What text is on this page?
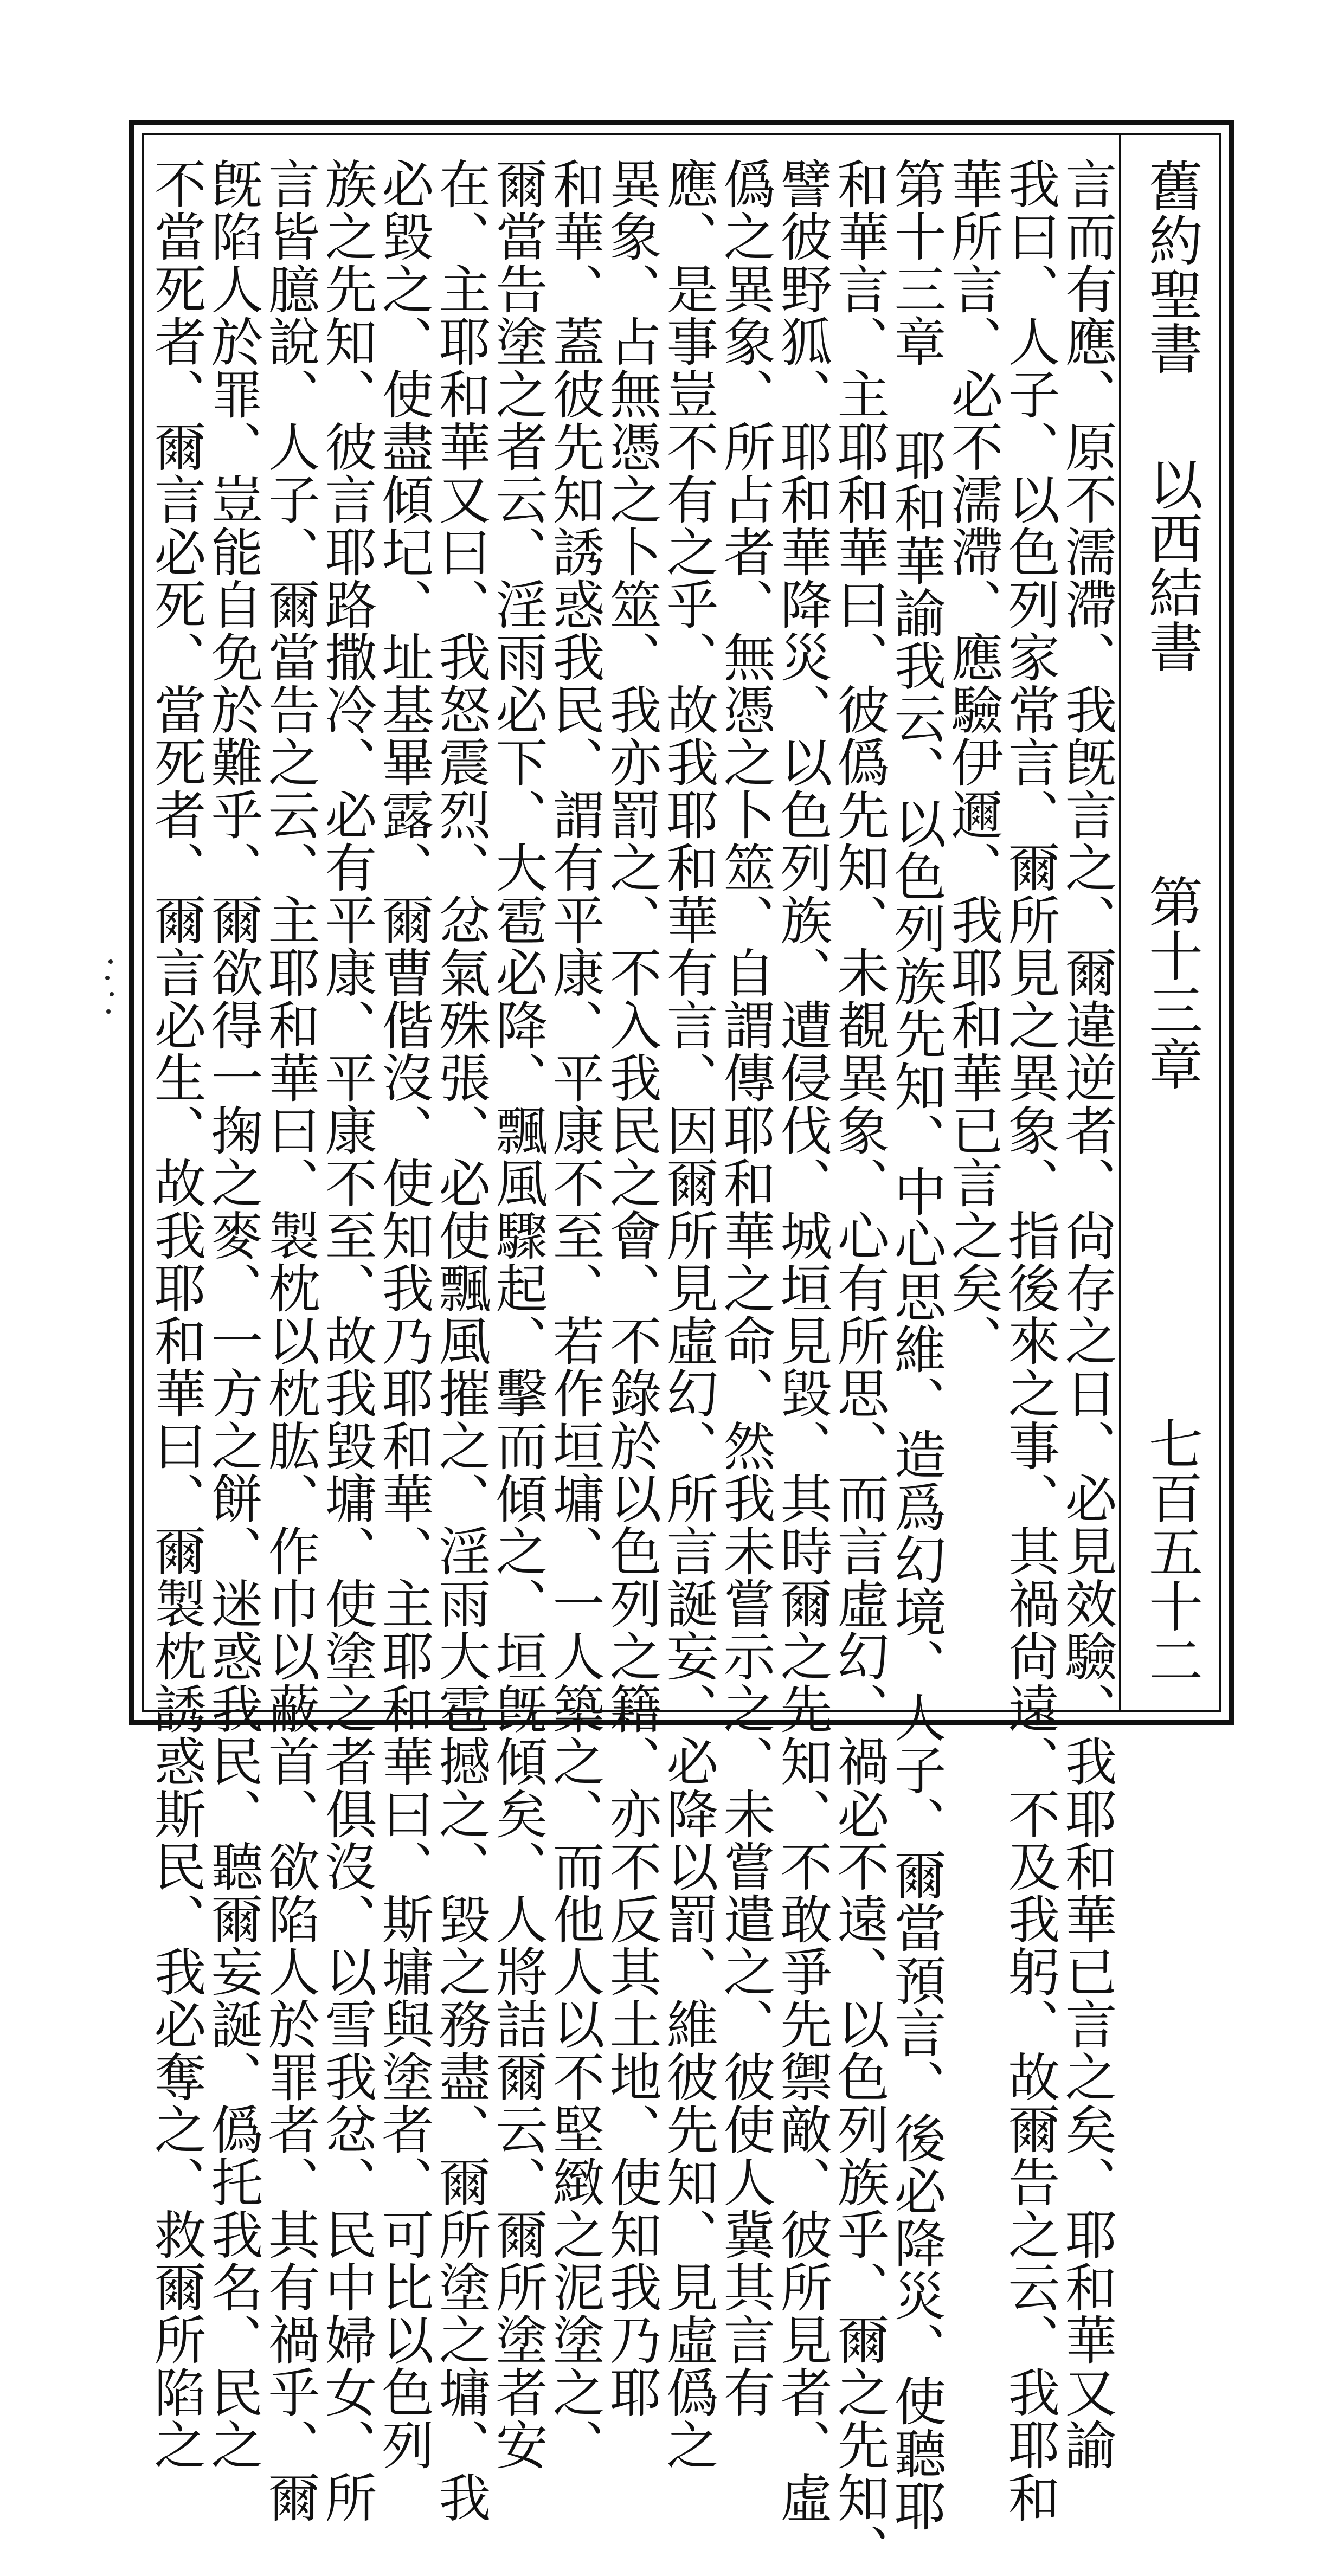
舊約聖書
以西結書
第十三章
七百五十二
言而有應、原不濡滯、我旣言之、爾違逆者、尙存之日、必見效驗、我耶和華已言之矣、耶和華又諭
我曰、人子、以色列家常言、爾所見之異象、指後來之事、其禍尙遠、不及我躬、故爾告之云、我耶和
華所言、必不濡滯、應驗伊邇、我耶和華已言之矣、
第十三章 耶和華諭我云、以色列族先知、中心思維、造爲幻境、人子、爾當預言、後必降災、使聽耶
和華言、主耶和華曰、彼僞先知、未覩異象、心有所思、而言虛幻、禍必不遠、以色列族乎、爾之先知、
譬彼野狐、耶和華降災、以色列族、遭侵伐、城垣見毀、其時爾之先知、不敢爭先禦敵、彼所見者、虛
僞之異象、所占者、無憑之卜筮、自謂傳耶和華之命、然我未嘗示之、未嘗遣之、彼使人冀其言有
應、是事豈不有之乎、故我耶和華有言、因爾所見虛幻、所言誕妄、必降以罰、維彼先知、見虛僞之
異象、占無憑之卜筮、我亦罰之、不入我民之會、不錄於以色列之籍、亦不反其土地、使知我乃耶
和華、蓋彼先知誘惑我民、謂有平康、平康不至、若作垣墉、一人築之、而他人以不堅緻之泥塗之、
爾當告塗之者云、淫雨必下、大雹必降、飄風驟起、擊而傾之、垣旣傾矣、人將詰爾云、爾所塗者安
在、主耶和華又曰、我怒震烈、忿氣殊張、必使飄風摧之、淫雨大雹撼之、毀之務盡、爾所塗之墉、我
必毀之、使盡傾圮、址基畢露、爾曹偕沒、使知我乃耶和華、主耶和華曰、斯墉與塗者、可比以色列
族之先知、彼言耶路撒冷、必有平康、平康不至、故我毀墉、使塗之者俱沒、以雪我忿、民中婦女、所
言皆臆說、人子、爾當告之云、主耶和華曰、製枕以枕肱、作巾以蔽首、欲陷人於罪者、其有禍乎、爾
旣陷人於罪、豈能自免於難乎、爾欲得一掬之麥、一方之餅、迷惑我民、聽爾妄誕、僞托我名、民之
不當死者、爾言必死、當死者、爾言必生、故我耶和華曰、爾製枕誘惑斯民、我必奪之、救爾所陷之
